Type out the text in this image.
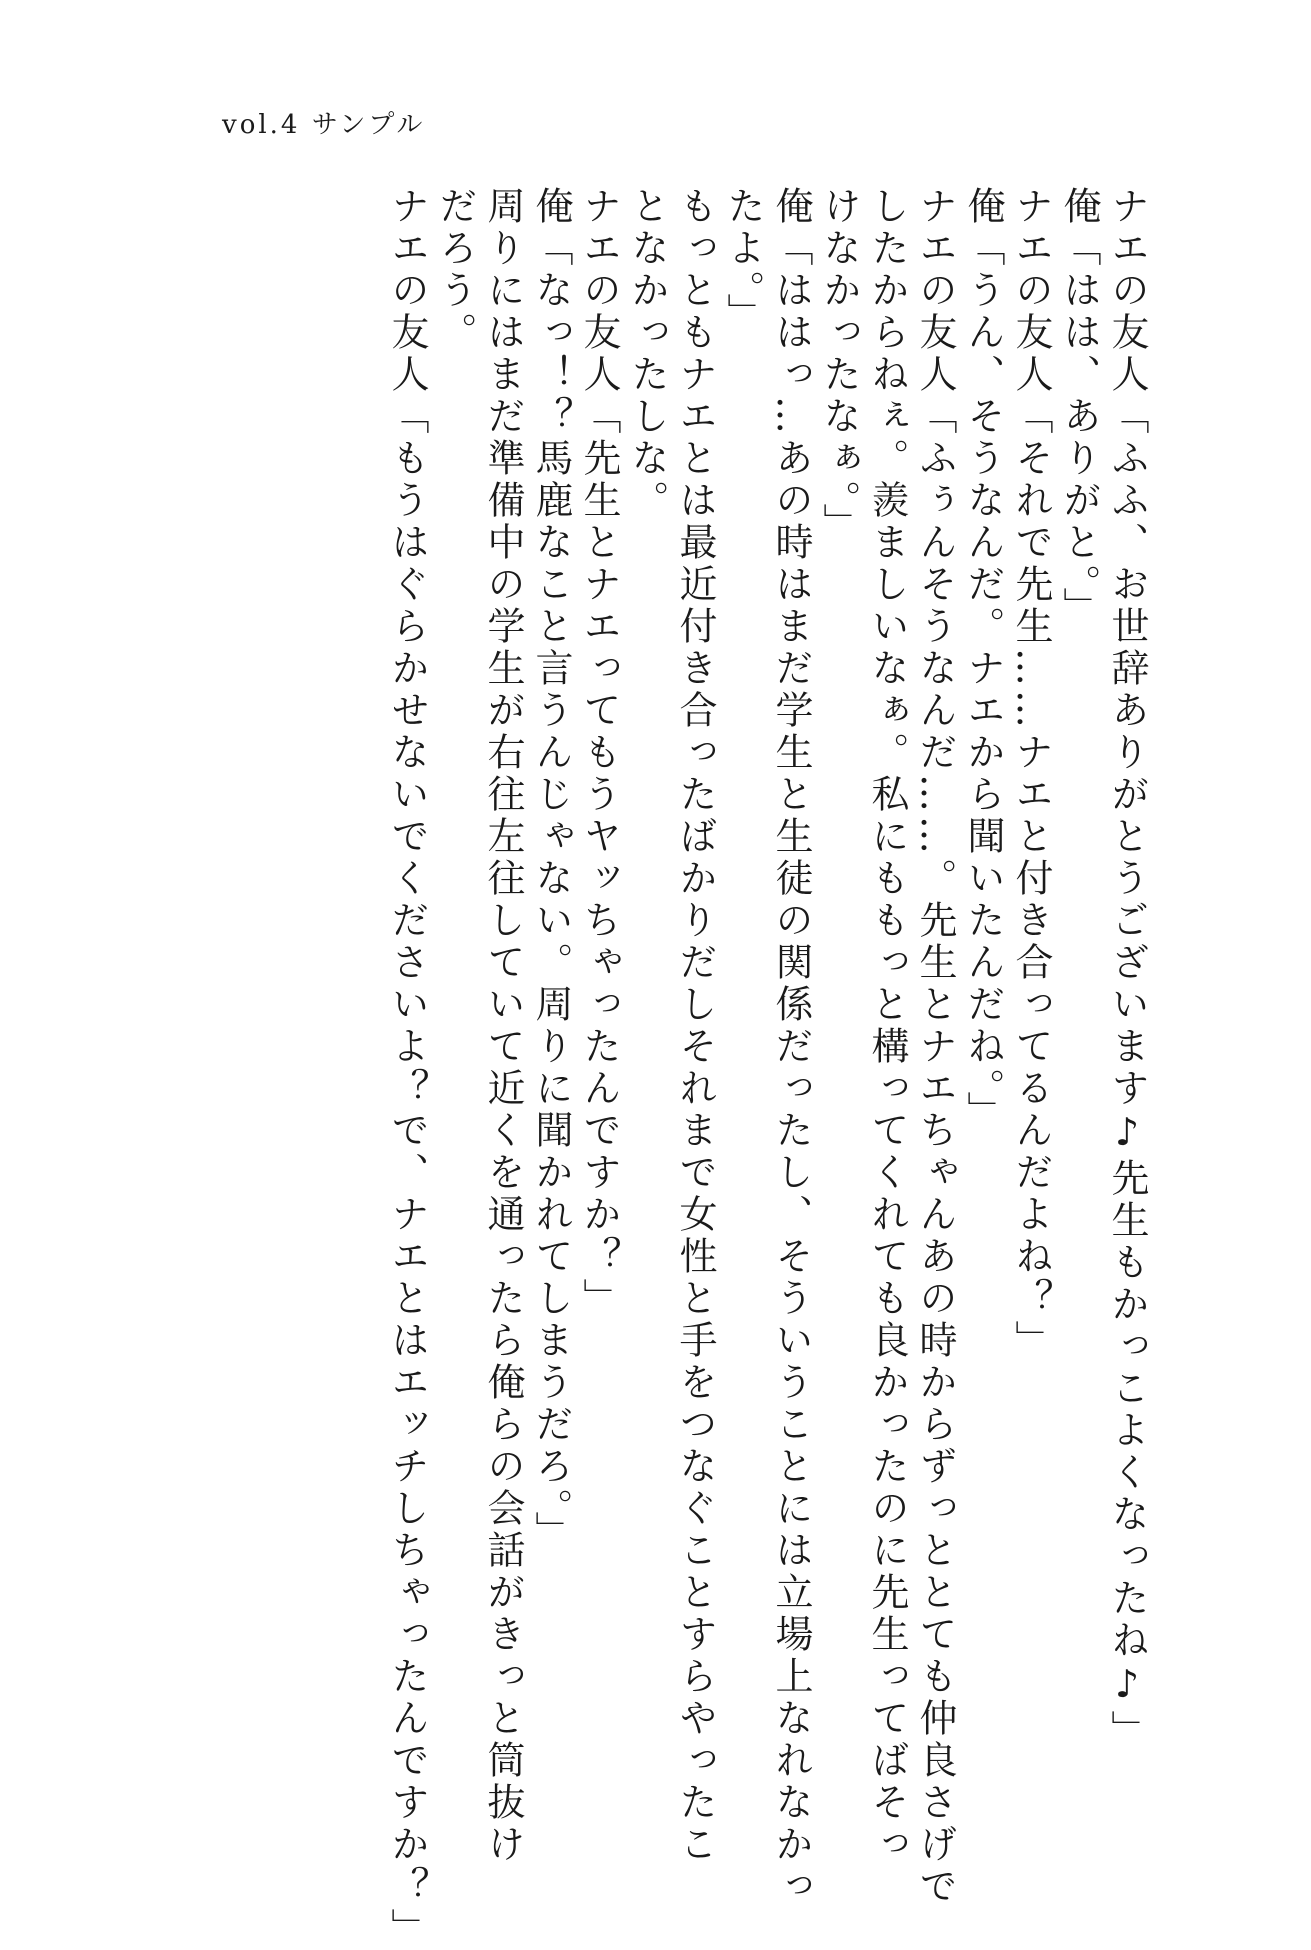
vol.4 サンプル
ナエの友人「ふふ、お世辞ありがとうございます♪先生もかっこよくなったね♪」
俺「はは、ありがと。」
ナエの友人「それで先生……ナエと付き合ってるんだよね？」
俺「うん、そうなんだ。ナエから聞いたんだね。」
ナエの友人「ふぅんそうなんだ……。先生とナエちゃんあの時からずっととても仲良さげで
したからねぇ。羨ましいなぁ。私にももっと構ってくれても良かったのに先生ってばそっ
けなかったなぁ。」
俺「ははっ…あの時はまだ学生と生徒の関係だったし、そういうことには立場上なれなかっ
たよ。」
もっともナエとは最近付き合ったばかりだしそれまで女性と手をつなぐことすらやったこ
となかったしな。
ナエの友人「先生とナエってもうヤッちゃったんですか？」
俺「なっ！？馬鹿なこと言うんじゃない。周りに聞かれてしまうだろ。」
周りにはまだ準備中の学生が右往左往していて近くを通ったら俺らの会話がきっと筒抜け
だろう。
ナエの友人「もうはぐらかせないでくださいよ？で、ナエとはエッチしちゃったんですか？」
